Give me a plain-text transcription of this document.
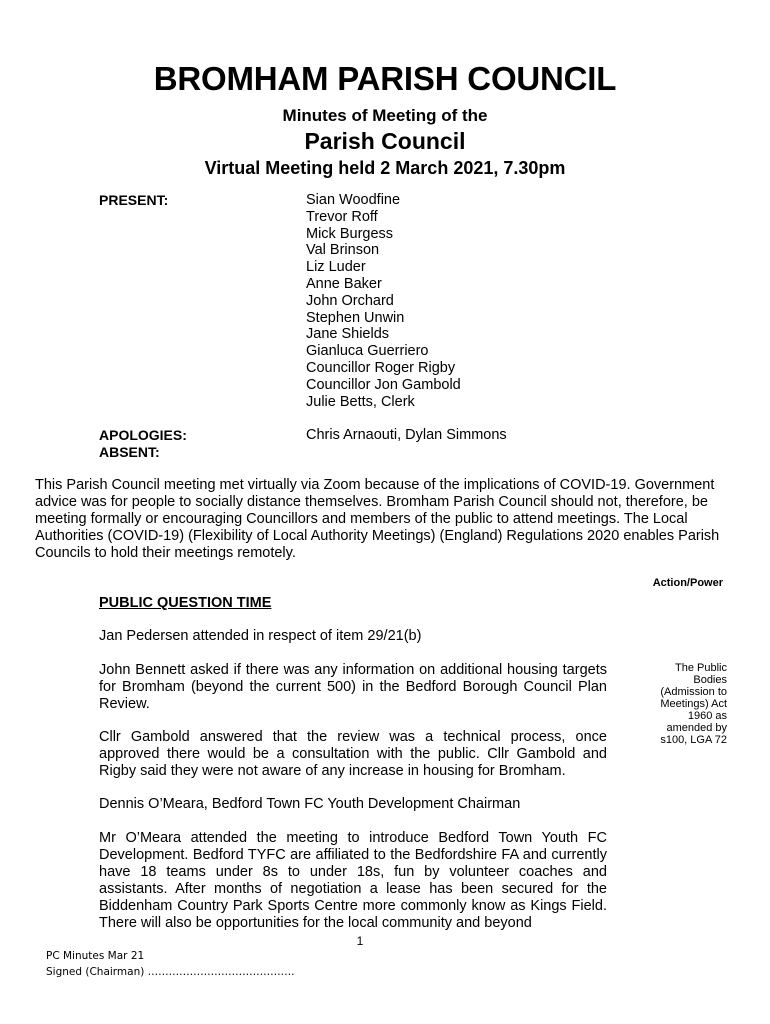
BROMHAM PARISH COUNCIL
Minutes of Meeting of the
Parish Council
Virtual Meeting held 2 March 2021, 7.30pm
PRESENT:	Sian Woodfine
Trevor Roff
Mick Burgess
Val Brinson
Liz Luder
Anne Baker
John Orchard
Stephen Unwin
Jane Shields
Gianluca Guerriero
Councillor Roger Rigby
Councillor Jon Gambold
Julie Betts, Clerk
APOLOGIES:	Chris Arnaouti, Dylan Simmons
ABSENT:
This Parish Council meeting met virtually via Zoom because of the implications of COVID-19. Government advice was for people to socially distance themselves. Bromham Parish Council should not, therefore, be meeting formally or encouraging Councillors and members of the public to attend meetings. The Local Authorities (COVID-19) (Flexibility of Local Authority Meetings) (England) Regulations 2020 enables Parish Councils to hold their meetings remotely.
Action/Power
PUBLIC QUESTION TIME
Jan Pedersen attended in respect of item 29/21(b)
John Bennett asked if there was any information on additional housing targets for Bromham (beyond the current 500) in the Bedford Borough Council Plan Review.
Cllr Gambold answered that the review was a technical process, once approved there would be a consultation with the public. Cllr Gambold and Rigby said they were not aware of any increase in housing for Bromham.
Dennis O’Meara, Bedford Town FC Youth Development Chairman
Mr O’Meara attended the meeting to introduce Bedford Town Youth FC Development. Bedford TYFC are affiliated to the Bedfordshire FA and currently have 18 teams under 8s to under 18s, fun by volunteer coaches and assistants. After months of negotiation a lease has been secured for the Biddenham Country Park Sports Centre more commonly know as Kings Field. There will also be opportunities for the local community and beyond
The Public
Bodies
(Admission to
Meetings) Act
1960 as
amended by
s100, LGA 72
1
PC Minutes Mar 21
Signed (Chairman) ……………………………………
